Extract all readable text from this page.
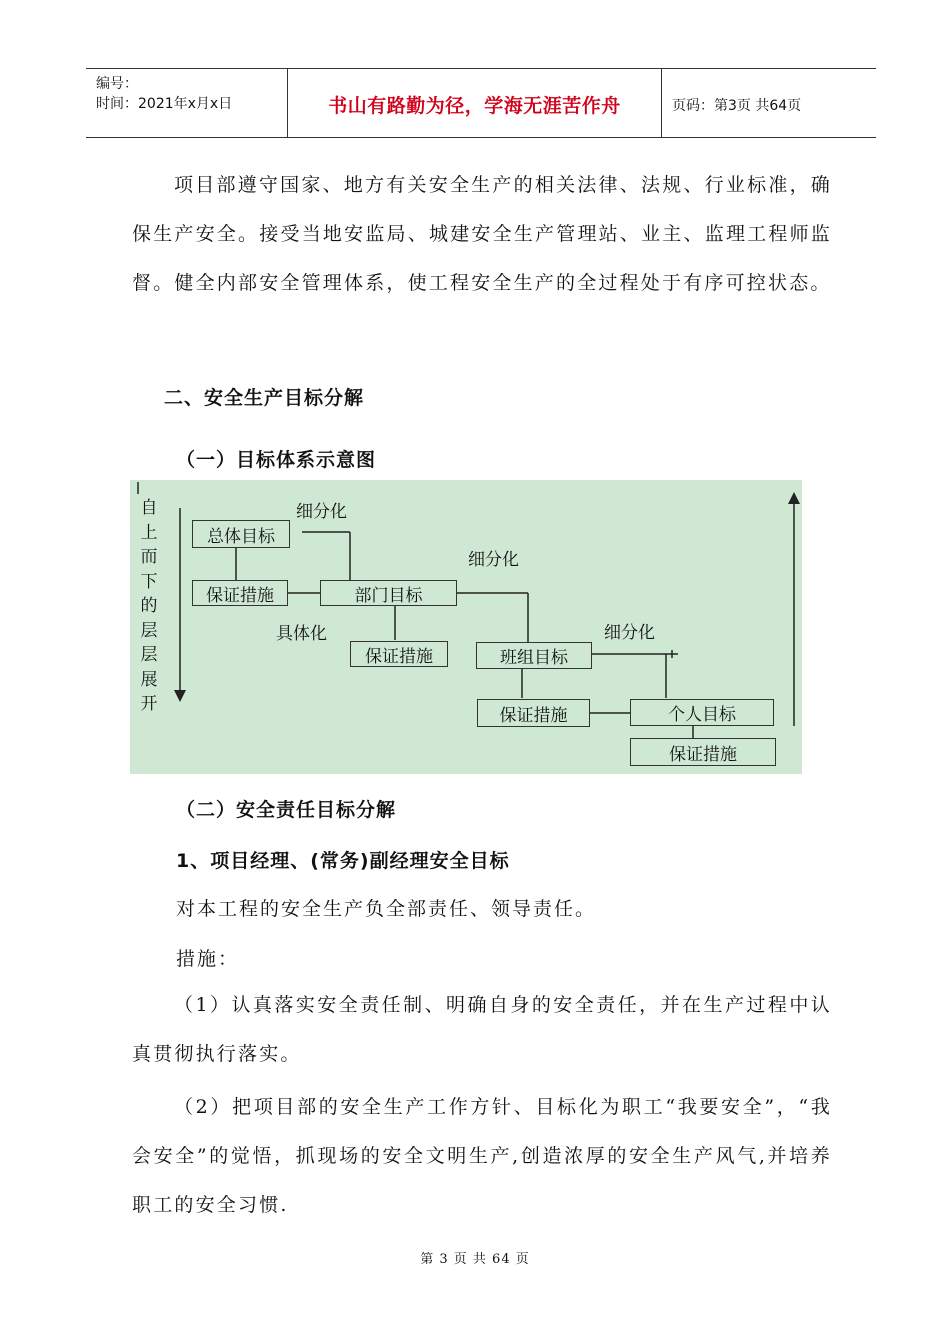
编号：
时间：2021年x月x日	书山有路勤为径，学海无涯苦作舟	页码：第3页 共64页
项目部遵守国家、地方有关安全生产的相关法律、法规、行业标准，确保生产安全。接受当地安监局、城建安全生产管理站、业主、监理工程师监督。健全内部安全管理体系，使工程安全生产的全过程处于有序可控状态。
二、安全生产目标分解
（一）目标体系示意图
自上而下的层层展开
总体目标
保证措施	部门目标
保证措施	班组目标
保证措施	个人目标
保证措施
细分化
细分化
细分化
具体化
（二）安全责任目标分解
1、项目经理、(常务)副经理安全目标
对本工程的安全生产负全部责任、领导责任。
措施：
（1）认真落实安全责任制、明确自身的安全责任，并在生产过程中认真贯彻执行落实。
（2）把项目部的安全生产工作方针、目标化为职工“我要安全”，“我会安全”的觉悟，抓现场的安全文明生产,创造浓厚的安全生产风气,并培养职工的安全习惯.
第 3 页 共 64 页
